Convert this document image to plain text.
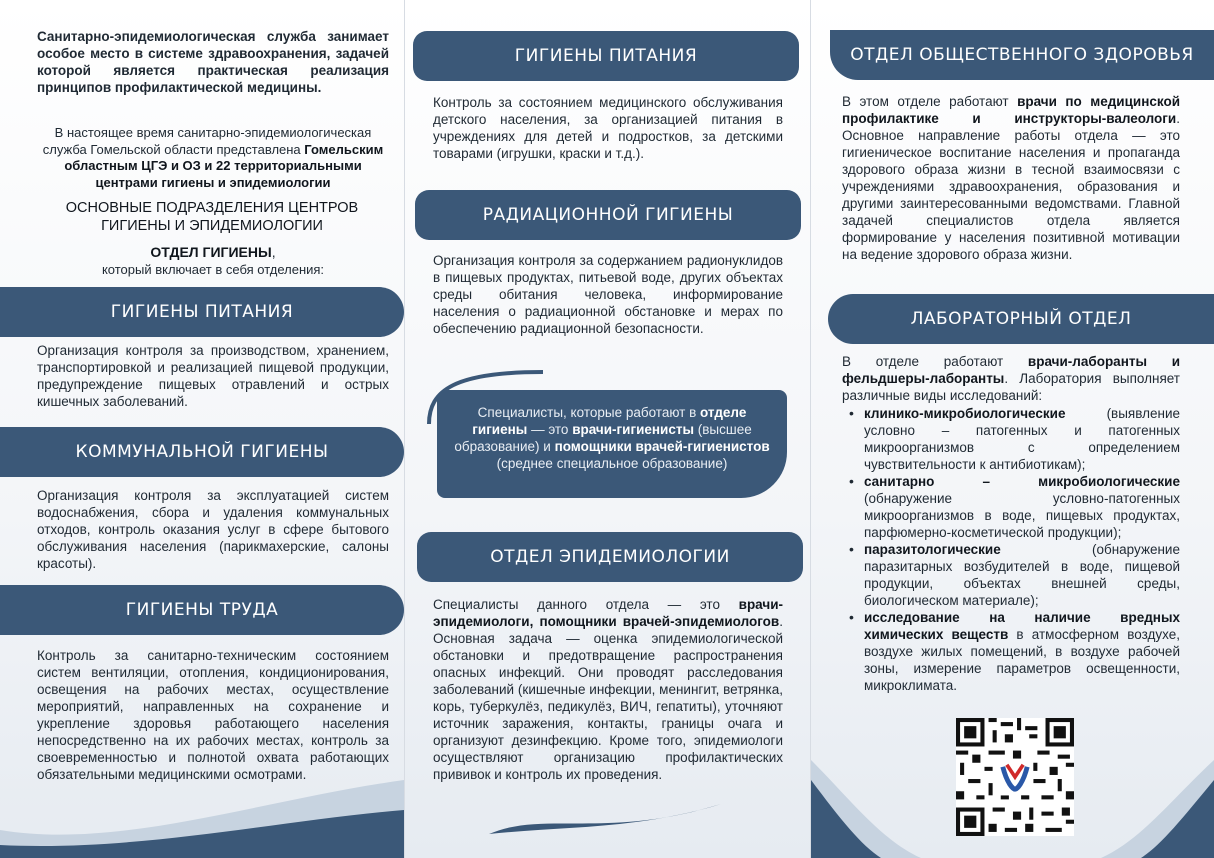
Санитарно-эпидемиологическая служба занимает особое место в системе здравоохранения, задачей которой является практическая реализация принципов профилактической медицины.
В настоящее время санитарно-эпидемиологическая служба Гомельской области представлена Гомельским областным ЦГЭ и ОЗ и 22 территориальными центрами гигиены и эпидемиологии
ОСНОВНЫЕ ПОДРАЗДЕЛЕНИЯ ЦЕНТРОВ ГИГИЕНЫ И ЭПИДЕМИОЛОГИИ
ОТДЕЛ ГИГИЕНЫ,
который включает в себя отделения:
ГИГИЕНЫ ПИТАНИЯ
Организация контроля за производством, хранением, транспортировкой и реализацией пищевой продукции, предупреждение пищевых отравлений и острых кишечных заболеваний.
КОММУНАЛЬНОЙ ГИГИЕНЫ
Организация контроля за эксплуатацией систем водоснабжения, сбора и удаления коммунальных отходов, контроль оказания услуг в сфере бытового обслуживания населения (парикмахерские, салоны красоты).
ГИГИЕНЫ ТРУДА
Контроль за санитарно-техническим состоянием систем вентиляции, отопления, кондиционирования, освещения на рабочих местах, осуществление мероприятий, направленных на сохранение и укрепление здоровья работающего населения непосредственно на их рабочих местах, контроль за своевременностью и полнотой охвата работающих обязательными медицинскими осмотрами.
ГИГИЕНЫ ПИТАНИЯ
Контроль за состоянием медицинского обслуживания детского населения, за организацией питания в учреждениях для детей и подростков, за детскими товарами (игрушки, краски и т.д.).
РАДИАЦИОННОЙ ГИГИЕНЫ
Организация контроля за содержанием радионуклидов в пищевых продуктах, питьевой воде, других объектах среды обитания человека, информирование населения о радиационной обстановке и мерах по обеспечению радиационной безопасности.
ОТДЕЛ ЭПИДЕМИОЛОГИИ
Специалисты данного отдела — это врачи-эпидемиологи, помощники врачей-эпидемиологов. Основная задача — оценка эпидемиологической обстановки и предотвращение распространения опасных инфекций. Они проводят расследования заболеваний (кишечные инфекции, менингит, ветрянка, корь, туберкулёз, педикулёз, ВИЧ, гепатиты), уточняют источник заражения, контакты, границы очага и организуют дезинфекцию. Кроме того, эпидемиологи осуществляют организацию профилактических прививок и контроль их проведения.
Специалисты, которые работают в отделе гигиены — это врачи-гигиенисты (высшее образование) и помощники врачей-гигиенистов (среднее специальное образование)
ОТДЕЛ ОБЩЕСТВЕННОГО ЗДОРОВЬЯ
В этом отделе работают врачи по медицинской профилактике и инструкторы-валеологи. Основное направление работы отдела — это гигиеническое воспитание населения и пропаганда здорового образа жизни в тесной взаимосвязи с учреждениями здравоохранения, образования и другими заинтересованными ведомствами. Главной задачей специалистов отдела является формирование у населения позитивной мотивации на ведение здорового образа жизни.
ЛАБОРАТОРНЫЙ ОТДЕЛ
В отделе работают врачи-лаборанты и фельдшеры-лаборанты. Лаборатория выполняет различные виды исследований:
• клинико-микробиологические (выявление условно – патогенных и патогенных микроорганизмов с определением чувствительности к антибиотикам);
• санитарно – микробиологические (обнаружение условно-патогенных микроорганизмов в воде, пищевых продуктах, парфюмерно-косметической продукции);
• паразитологические (обнаружение паразитарных возбудителей в воде, пищевой продукции, объектах внешней среды, биологическом материале);
• исследование на наличие вредных химических веществ в атмосферном воздухе, воздухе жилых помещений, в воздухе рабочей зоны, измерение параметров освещенности, микроклимата.
